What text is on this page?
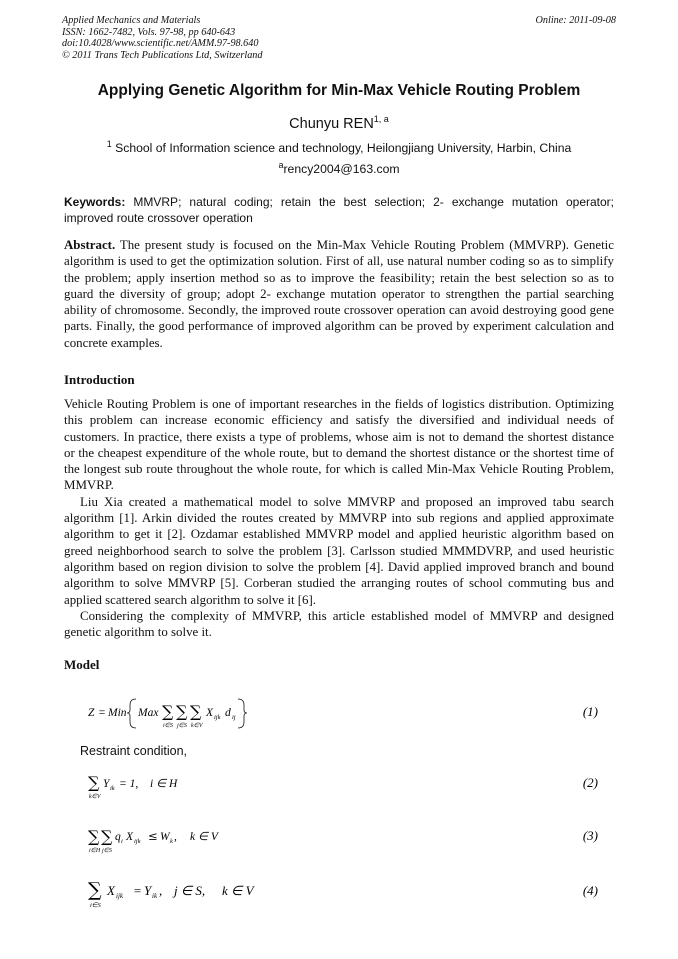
Applied Mechanics and Materials
ISSN: 1662-7482, Vols. 97-98, pp 640-643
doi:10.4028/www.scientific.net/AMM.97-98.640
© 2011 Trans Tech Publications Ltd, Switzerland
Online: 2011-09-08
Applying Genetic Algorithm for Min-Max Vehicle Routing Problem
Chunyu REN$^{1, a}$
$^1$ School of Information science and technology, Heilongjiang University, Harbin, China
$^a$rency2004@163.com
Keywords: MMVRP; natural coding; retain the best selection; 2- exchange mutation operator; improved route crossover operation

Abstract. The present study is focused on the Min-Max Vehicle Routing Problem (MMVRP). Genetic algorithm is used to get the optimization solution. First of all, use natural number coding so as to simplify the problem; apply insertion method so as to improve the feasibility; retain the best selection so as to guard the diversity of group; adopt 2- exchange mutation operator to strengthen the partial searching ability of chromosome. Secondly, the improved route crossover operation can avoid destroying good gene parts. Finally, the good performance of improved algorithm can be proved by experiment calculation and concrete examples.

Introduction

Vehicle Routing Problem is one of important researches in the fields of logistics distribution. Optimizing this problem can increase economic efficiency and satisfy the diversified and individual needs of customers. In practice, there exists a type of problems, whose aim is not to demand the shortest distance or the cheapest expenditure of the whole route, but to demand the shortest distance or the shortest time of the longest sub route throughout the whole route, for which is called Min-Max Vehicle Routing Problem, MMVRP.

Liu Xia created a mathematical model to solve MMVRP and proposed an improved tabu search algorithm [1]. Arkin divided the routes created by MMVRP into sub regions and applied approximate algorithm to get it [2]. Ozdamar established MMVRP model and applied heuristic algorithm based on greed neighborhood search to solve the problem [3]. Carlsson studied MMMDVRP, and used heuristic algorithm based on region division to solve the problem [4]. David applied improved branch and bound algorithm to solve MMVRP [5]. Corberan studied the arranging routes of school commuting bus and applied scattered search algorithm to solve it [6].

Considering the complexity of MMVRP, this article established model of MMVRP and designed genetic algorithm to solve it.

Model
Z = Min Max ∑
i∈S
∑
j∈S
∑
k∈V
X ijk d ij	(1)
Restraint condition,
∑
k∈V
Y ik = 1, i ∈ H	(2)
∑
i∈H
∑
j∈S
q i X ijk ≤ W k , k ∈ V	(3)
∑
i∈S
X ijk = Y ik , j ∈ S, k ∈ V	(4)
